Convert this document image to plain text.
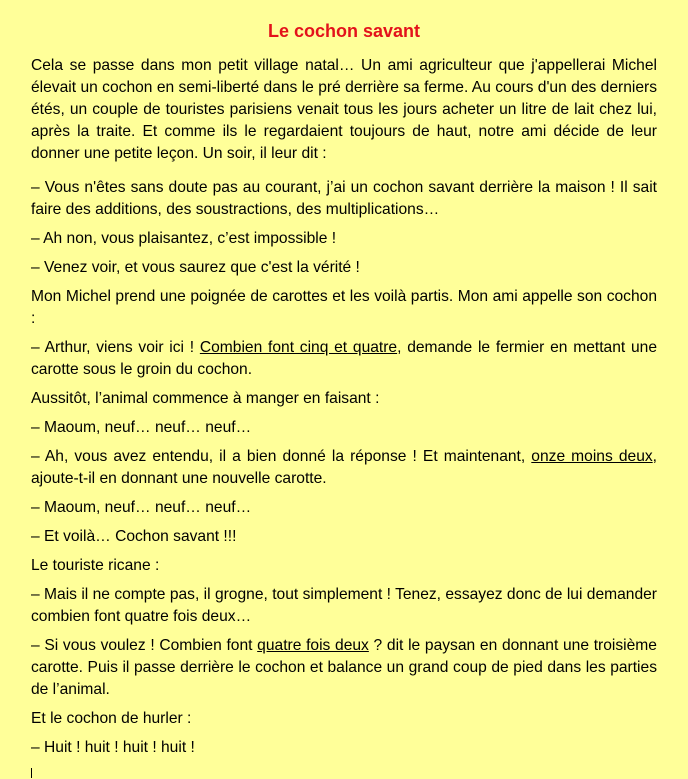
Le cochon savant

Cela se passe dans mon petit village natal… Un ami agriculteur que j'appellerai Michel élevait un cochon en semi-liberté dans le pré derrière sa ferme. Au cours d'un des derniers étés, un couple de touristes parisiens venait tous les jours acheter un litre de lait chez lui, après la traite. Et comme ils le regardaient toujours de haut, notre ami décide de leur donner une petite leçon. Un soir, il leur dit :

– Vous n'êtes sans doute pas au courant, j’ai un cochon savant derrière la maison ! Il sait faire des additions, des soustractions, des multiplications…

– Ah non, vous plaisantez, c’est impossible !

– Venez voir, et vous saurez que c'est la vérité !

Mon Michel prend une poignée de carottes et les voilà partis. Mon ami appelle son cochon :

– Arthur, viens voir ici ! Combien font cinq et quatre, demande le fermier en mettant une carotte sous le groin du cochon.

Aussitôt, l’animal commence à manger en faisant :

– Maoum, neuf… neuf… neuf…

– Ah, vous avez entendu, il a bien donné la réponse ! Et maintenant, onze moins deux, ajoute-t-il en donnant une nouvelle carotte.

– Maoum, neuf… neuf… neuf…

– Et voilà… Cochon savant !!!

Le touriste ricane :

– Mais il ne compte pas, il grogne, tout simplement ! Tenez, essayez donc de lui demander combien font quatre fois deux…

– Si vous voulez ! Combien font quatre fois deux ? dit le paysan en donnant une troisième carotte. Puis il passe derrière le cochon et balance un grand coup de pied dans les parties de l’animal.

Et le cochon de hurler :

– Huit ! huit ! huit ! huit !
